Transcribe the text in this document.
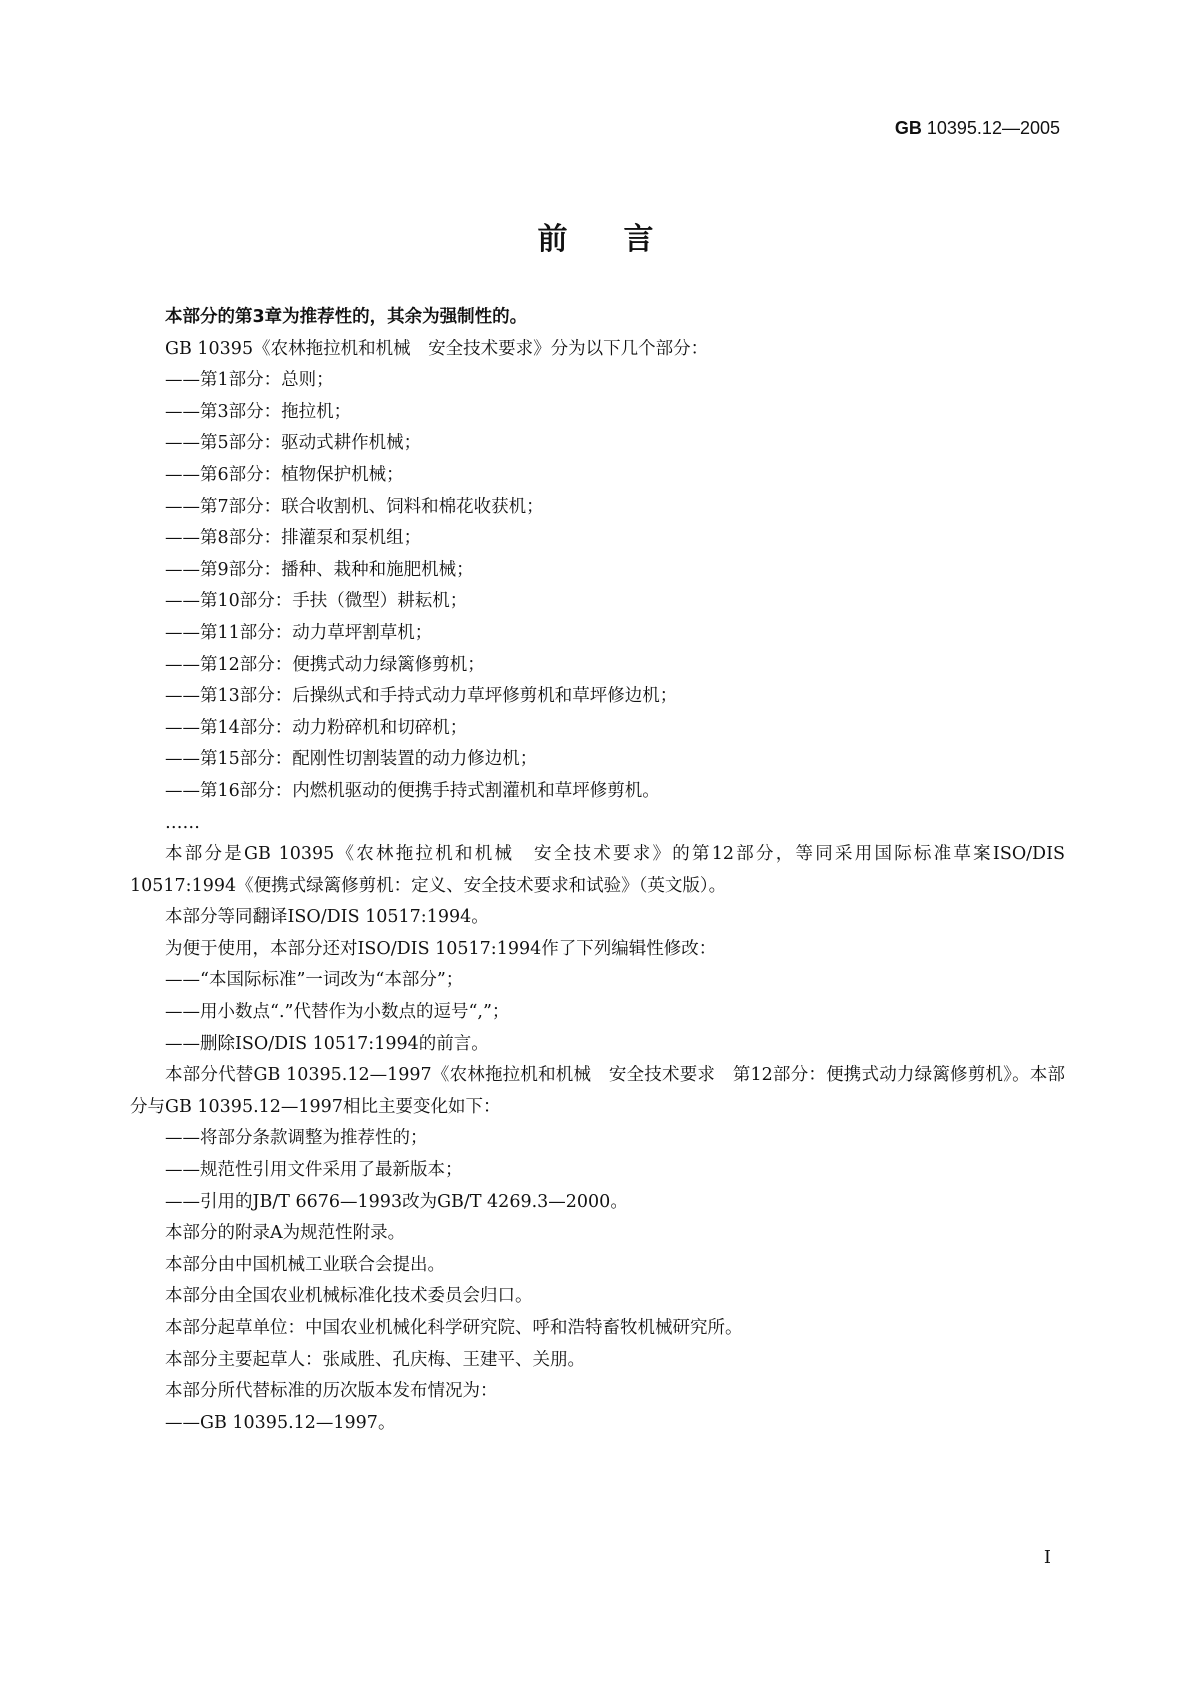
GB 10395.12—2005
前言
本部分的第3章为推荐性的，其余为强制性的。
GB 10395《农林拖拉机和机械　安全技术要求》分为以下几个部分：
——第1部分：总则；
——第3部分：拖拉机；
——第5部分：驱动式耕作机械；
——第6部分：植物保护机械；
——第7部分：联合收割机、饲料和棉花收获机；
——第8部分：排灌泵和泵机组；
——第9部分：播种、栽种和施肥机械；
——第10部分：手扶（微型）耕耘机；
——第11部分：动力草坪割草机；
——第12部分：便携式动力绿篱修剪机；
——第13部分：后操纵式和手持式动力草坪修剪机和草坪修边机；
——第14部分：动力粉碎机和切碎机；
——第15部分：配刚性切割装置的动力修边机；
——第16部分：内燃机驱动的便携手持式割灌机和草坪修剪机。
……
本部分是GB 10395《农林拖拉机和机械　安全技术要求》的第12部分，等同采用国际标准草案ISO/DIS 10517:1994《便携式绿篱修剪机：定义、安全技术要求和试验》（英文版）。
本部分等同翻译ISO/DIS 10517:1994。
为便于使用，本部分还对ISO/DIS 10517:1994作了下列编辑性修改：
——“本国际标准”一词改为“本部分”；
——用小数点“.”代替作为小数点的逗号“,”；
——删除ISO/DIS 10517:1994的前言。
本部分代替GB 10395.12—1997《农林拖拉机和机械　安全技术要求　第12部分：便携式动力绿篱修剪机》。本部分与GB 10395.12—1997相比主要变化如下：
——将部分条款调整为推荐性的；
——规范性引用文件采用了最新版本；
——引用的JB/T 6676—1993改为GB/T 4269.3—2000。
本部分的附录A为规范性附录。
本部分由中国机械工业联合会提出。
本部分由全国农业机械标准化技术委员会归口。
本部分起草单位：中国农业机械化科学研究院、呼和浩特畜牧机械研究所。
本部分主要起草人：张咸胜、孔庆梅、王建平、关朋。
本部分所代替标准的历次版本发布情况为：
——GB 10395.12—1997。
I
